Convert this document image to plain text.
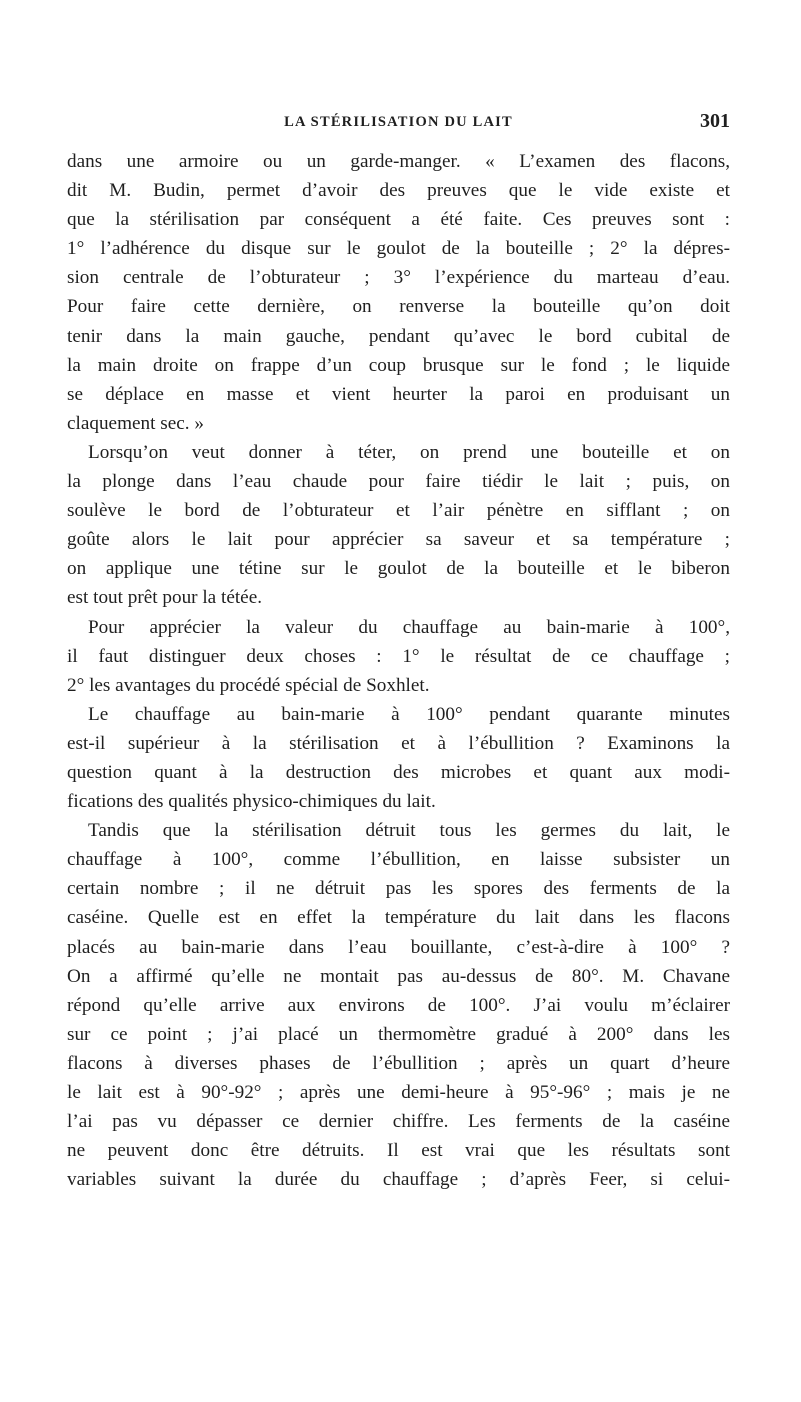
LA STÉRILISATION DU LAIT	301
dans une armoire ou un garde-manger. « L’examen des flacons,
dit M. Budin, permet d’avoir des preuves que le vide existe et
que la stérilisation par conséquent a été faite. Ces preuves sont :
1° l’adhérence du disque sur le goulot de la bouteille ; 2° la dépres-
sion centrale de l’obturateur ; 3° l’expérience du marteau d’eau.
Pour faire cette dernière, on renverse la bouteille qu’on doit
tenir dans la main gauche, pendant qu’avec le bord cubital de
la main droite on frappe d’un coup brusque sur le fond ; le liquide
se déplace en masse et vient heurter la paroi en produisant un
claquement sec. »
Lorsqu’on veut donner à téter, on prend une bouteille et on
la plonge dans l’eau chaude pour faire tiédir le lait ; puis, on
soulève le bord de l’obturateur et l’air pénètre en sifflant ; on
goûte alors le lait pour apprécier sa saveur et sa température ;
on applique une tétine sur le goulot de la bouteille et le biberon
est tout prêt pour la tétée.
Pour apprécier la valeur du chauffage au bain-marie à 100°,
il faut distinguer deux choses : 1° le résultat de ce chauffage ;
2° les avantages du procédé spécial de Soxhlet.
Le chauffage au bain-marie à 100° pendant quarante minutes
est-il supérieur à la stérilisation et à l’ébullition ? Examinons la
question quant à la destruction des microbes et quant aux modi-
fications des qualités physico-chimiques du lait.
Tandis que la stérilisation détruit tous les germes du lait, le
chauffage à 100°, comme l’ébullition, en laisse subsister un
certain nombre ; il ne détruit pas les spores des ferments de la
caséine. Quelle est en effet la température du lait dans les flacons
placés au bain-marie dans l’eau bouillante, c’est-à-dire à 100° ?
On a affirmé qu’elle ne montait pas au-dessus de 80°. M. Chavane
répond qu’elle arrive aux environs de 100°. J’ai voulu m’éclairer
sur ce point ; j’ai placé un thermomètre gradué à 200° dans les
flacons à diverses phases de l’ébullition ; après un quart d’heure
le lait est à 90°-92° ; après une demi-heure à 95°-96° ; mais je ne
l’ai pas vu dépasser ce dernier chiffre. Les ferments de la caséine
ne peuvent donc être détruits. Il est vrai que les résultats sont
variables suivant la durée du chauffage ; d’après Feer, si celui-
